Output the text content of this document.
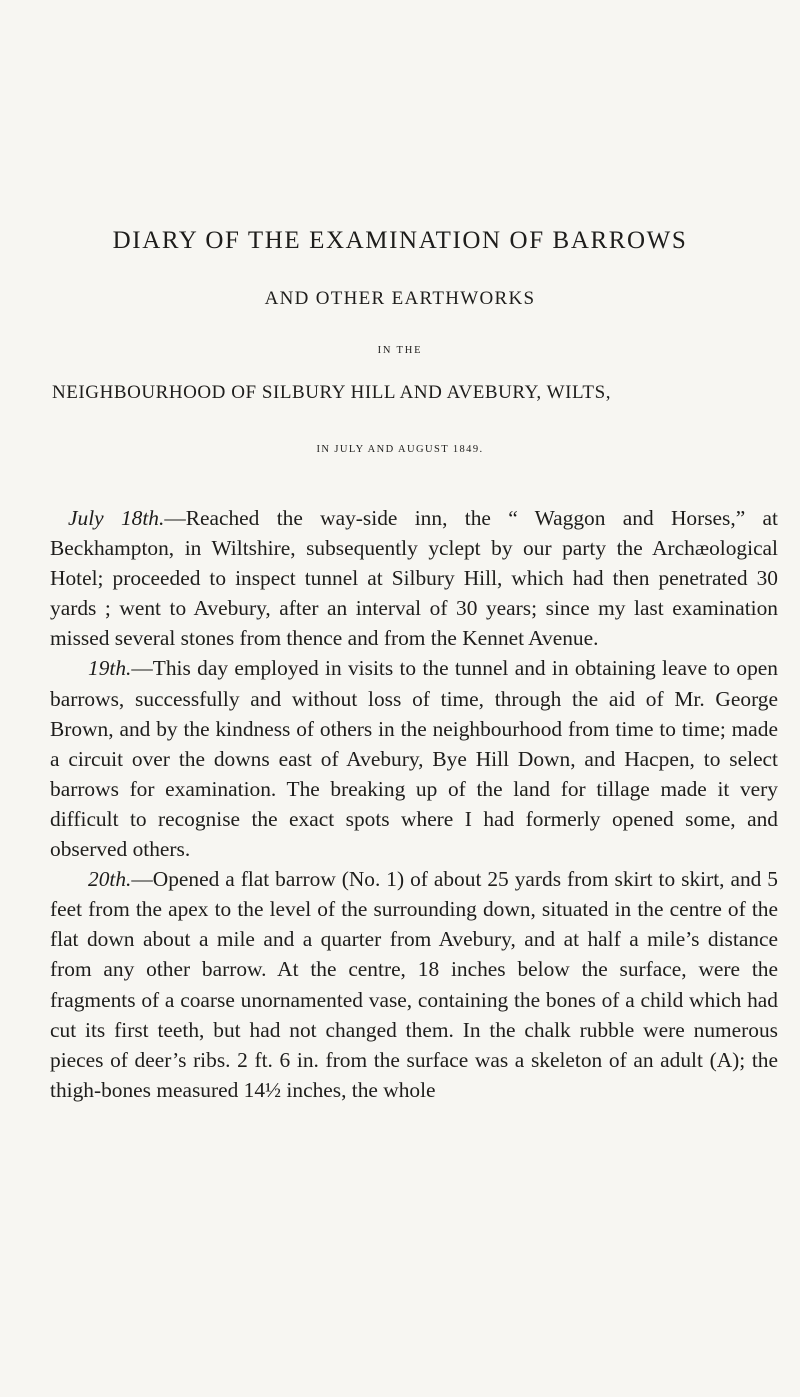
DIARY OF THE EXAMINATION OF BARROWS
AND OTHER EARTHWORKS
IN THE
NEIGHBOURHOOD OF SILBURY HILL AND AVEBURY, WILTS,
IN JULY AND AUGUST 1849.

July 18th.—Reached the way-side inn, the “ Waggon and Horses,” at Beckhampton, in Wiltshire, subsequently yclept by our party the Archæological Hotel; proceeded to inspect tunnel at Silbury Hill, which had then penetrated 30 yards ; went to Avebury, after an interval of 30 years; since my last examination missed several stones from thence and from the Kennet Avenue.

19th.—This day employed in visits to the tunnel and in obtaining leave to open barrows, successfully and without loss of time, through the aid of Mr. George Brown, and by the kindness of others in the neighbourhood from time to time; made a circuit over the downs east of Avebury, Bye Hill Down, and Hacpen, to select barrows for examination. The breaking up of the land for tillage made it very difficult to recognise the exact spots where I had formerly opened some, and observed others.

20th.—Opened a flat barrow (No. 1) of about 25 yards from skirt to skirt, and 5 feet from the apex to the level of the surrounding down, situated in the centre of the flat down about a mile and a quarter from Avebury, and at half a mile’s distance from any other barrow. At the centre, 18 inches below the surface, were the fragments of a coarse unornamented vase, containing the bones of a child which had cut its first teeth, but had not changed them. In the chalk rubble were numerous pieces of deer’s ribs. 2 ft. 6 in. from the surface was a skeleton of an adult (A); the thigh-bones measured 14½ inches, the whole
